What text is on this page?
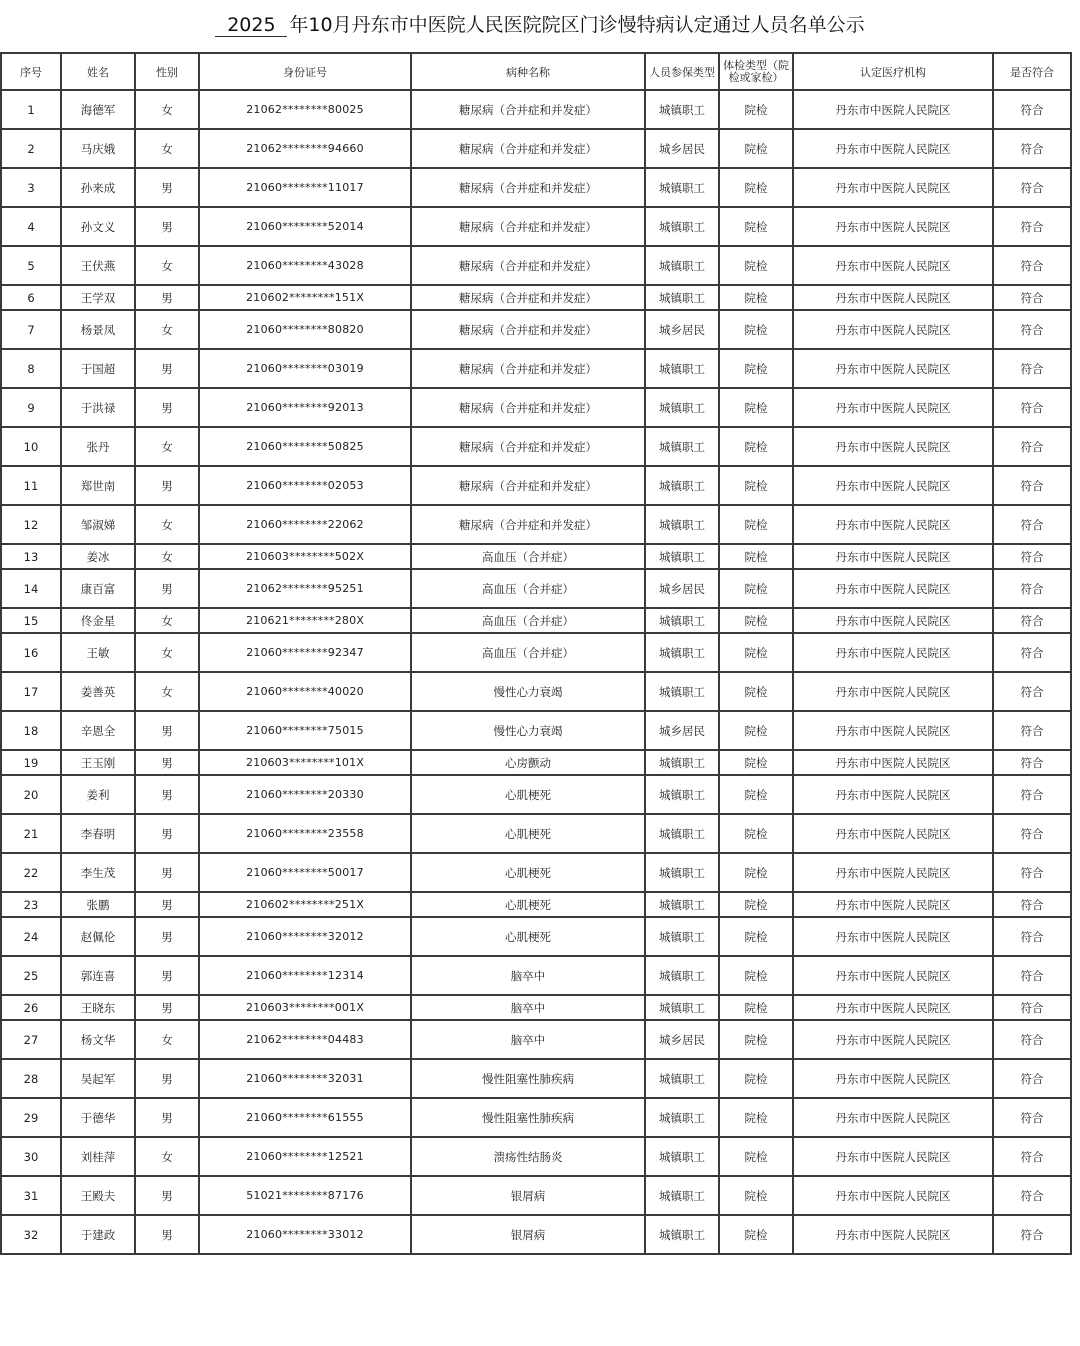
2025 年10月丹东市中医院人民医院院区门诊慢特病认定通过人员名单公示
序号	姓名	性别	身份证号	病种名称	人员参保类型	体检类型（院检或家检）	认定医疗机构	是否符合
1	海德军	女	21062********80025	糖尿病（合并症和并发症）	城镇职工	院检	丹东市中医院人民院区	符合
2	马庆娥	女	21062********94660	糖尿病（合并症和并发症）	城乡居民	院检	丹东市中医院人民院区	符合
3	孙来成	男	21060********11017	糖尿病（合并症和并发症）	城镇职工	院检	丹东市中医院人民院区	符合
4	孙文义	男	21060********52014	糖尿病（合并症和并发症）	城镇职工	院检	丹东市中医院人民院区	符合
5	王伏燕	女	21060********43028	糖尿病（合并症和并发症）	城镇职工	院检	丹东市中医院人民院区	符合
6	王学双	男	210602********151X	糖尿病（合并症和并发症）	城镇职工	院检	丹东市中医院人民院区	符合
7	杨景凤	女	21060********80820	糖尿病（合并症和并发症）	城乡居民	院检	丹东市中医院人民院区	符合
8	于国超	男	21060********03019	糖尿病（合并症和并发症）	城镇职工	院检	丹东市中医院人民院区	符合
9	于洪禄	男	21060********92013	糖尿病（合并症和并发症）	城镇职工	院检	丹东市中医院人民院区	符合
10	张丹	女	21060********50825	糖尿病（合并症和并发症）	城镇职工	院检	丹东市中医院人民院区	符合
11	郑世南	男	21060********02053	糖尿病（合并症和并发症）	城镇职工	院检	丹东市中医院人民院区	符合
12	邹淑娣	女	21060********22062	糖尿病（合并症和并发症）	城镇职工	院检	丹东市中医院人民院区	符合
13	姜冰	女	210603********502X	高血压（合并症）	城镇职工	院检	丹东市中医院人民院区	符合
14	康百富	男	21062********95251	高血压（合并症）	城乡居民	院检	丹东市中医院人民院区	符合
15	佟金星	女	210621********280X	高血压（合并症）	城镇职工	院检	丹东市中医院人民院区	符合
16	王敏	女	21060********92347	高血压（合并症）	城镇职工	院检	丹东市中医院人民院区	符合
17	姜善英	女	21060********40020	慢性心力衰竭	城镇职工	院检	丹东市中医院人民院区	符合
18	辛恩全	男	21060********75015	慢性心力衰竭	城乡居民	院检	丹东市中医院人民院区	符合
19	王玉刚	男	210603********101X	心房颤动	城镇职工	院检	丹东市中医院人民院区	符合
20	姜利	男	21060********20330	心肌梗死	城镇职工	院检	丹东市中医院人民院区	符合
21	李春明	男	21060********23558	心肌梗死	城镇职工	院检	丹东市中医院人民院区	符合
22	李生茂	男	21060********50017	心肌梗死	城镇职工	院检	丹东市中医院人民院区	符合
23	张鹏	男	210602********251X	心肌梗死	城镇职工	院检	丹东市中医院人民院区	符合
24	赵佩伦	男	21060********32012	心肌梗死	城镇职工	院检	丹东市中医院人民院区	符合
25	郭连喜	男	21060********12314	脑卒中	城镇职工	院检	丹东市中医院人民院区	符合
26	王晓东	男	210603********001X	脑卒中	城镇职工	院检	丹东市中医院人民院区	符合
27	杨文华	女	21062********04483	脑卒中	城乡居民	院检	丹东市中医院人民院区	符合
28	吴起军	男	21060********32031	慢性阻塞性肺疾病	城镇职工	院检	丹东市中医院人民院区	符合
29	于德华	男	21060********61555	慢性阻塞性肺疾病	城镇职工	院检	丹东市中医院人民院区	符合
30	刘桂萍	女	21060********12521	溃疡性结肠炎	城镇职工	院检	丹东市中医院人民院区	符合
31	王殿夫	男	51021********87176	银屑病	城镇职工	院检	丹东市中医院人民院区	符合
32	于建政	男	21060********33012	银屑病	城镇职工	院检	丹东市中医院人民院区	符合
